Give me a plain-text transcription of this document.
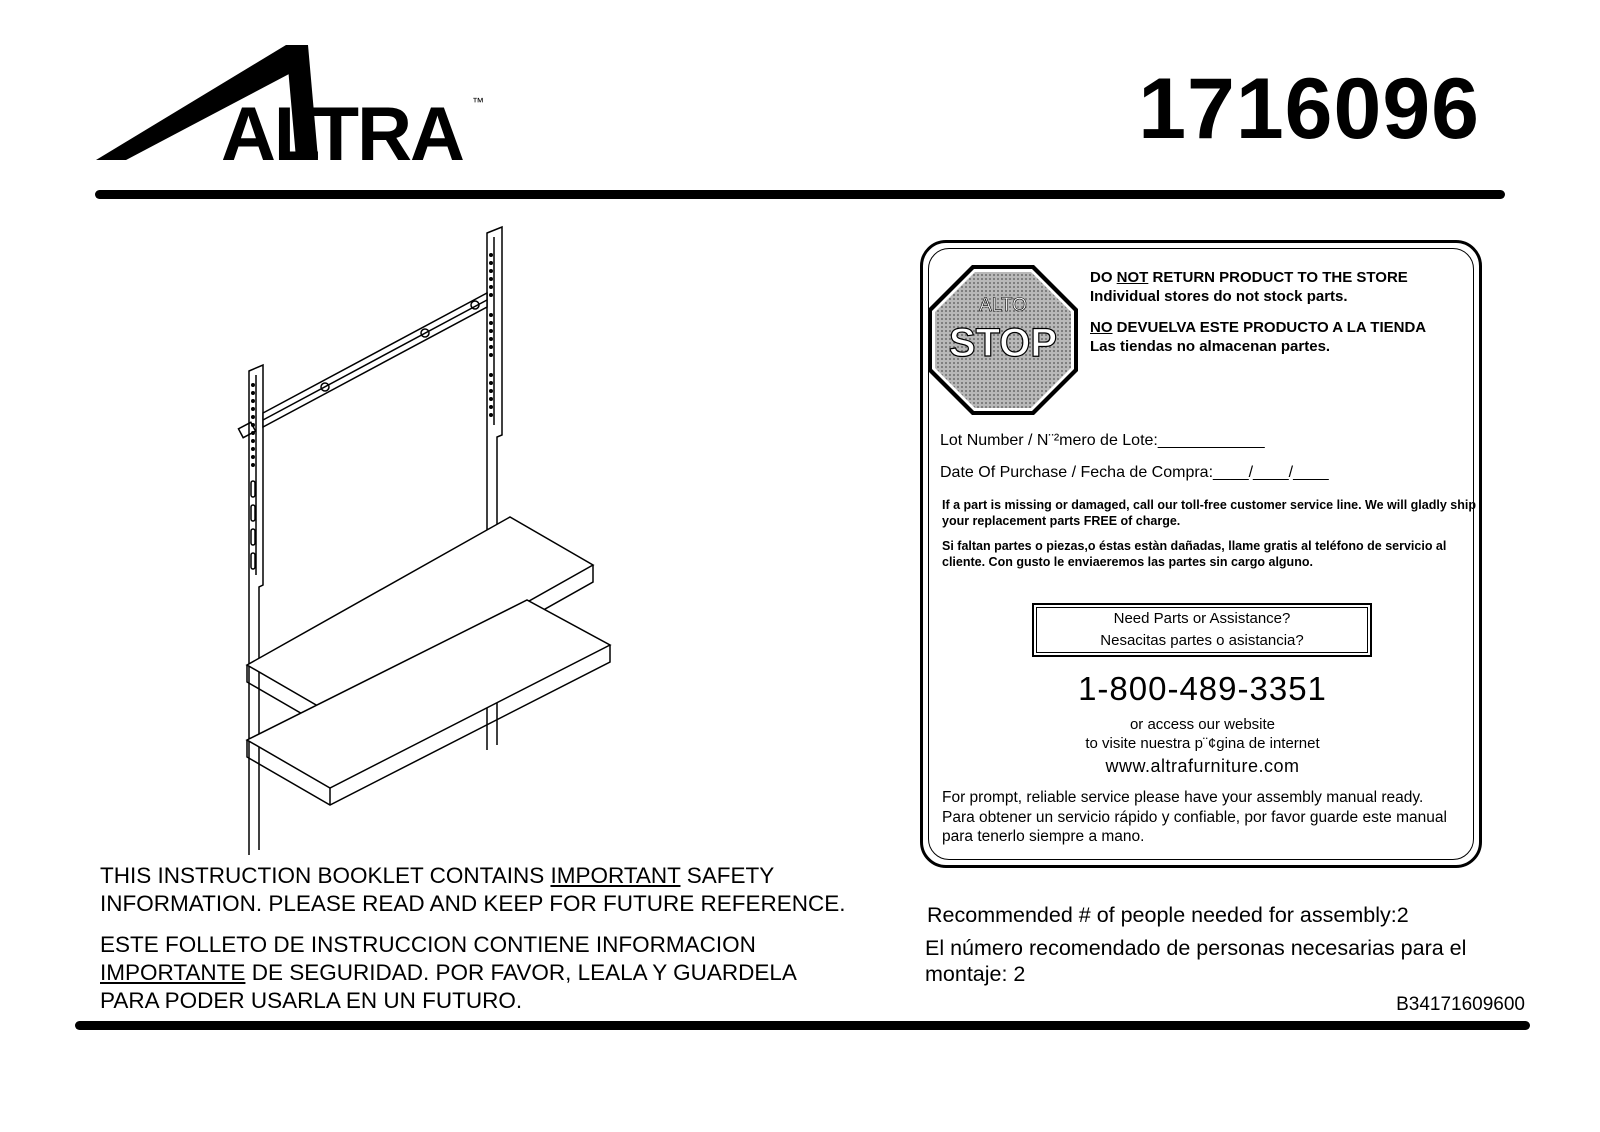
ALTRA ™	1716096
ALTO
STOP
DO NOT RETURN PRODUCT TO THE STORE
Individual stores do not stock parts.
NO DEVUELVA ESTE PRODUCTO A LA TIENDA
Las tiendas no almacenan partes.
Lot Number / N¨²mero de Lote:____________
Date Of Purchase / Fecha de Compra:____/____/____
If a part is missing or damaged, call our toll-free customer service line. We will gladly ship your replacement parts FREE of charge.
Si faltan partes o piezas,o éstas estàn dañadas, llame gratis al teléfono de servicio al cliente. Con gusto le enviaeremos las partes sin cargo alguno.
Need Parts or Assistance?
Nesacitas partes o asistancia?
1-800-489-3351
or access our website
to visite nuestra p¨¢gina de internet
www.altrafurniture.com
For prompt, reliable service please have your assembly manual ready.
Para obtener un servicio rápido y confiable, por favor guarde este manual para tenerlo siempre a mano.
THIS INSTRUCTION BOOKLET CONTAINS IMPORTANT SAFETY
INFORMATION. PLEASE READ AND KEEP FOR FUTURE REFERENCE.
ESTE FOLLETO DE INSTRUCCION CONTIENE INFORMACION
IMPORTANTE DE SEGURIDAD. POR FAVOR, LEALA Y GUARDELA
PARA PODER USARLA EN UN FUTURO.
Recommended # of people needed for assembly:2
El número recomendado de personas necesarias para el
montaje: 2
B34171609600
